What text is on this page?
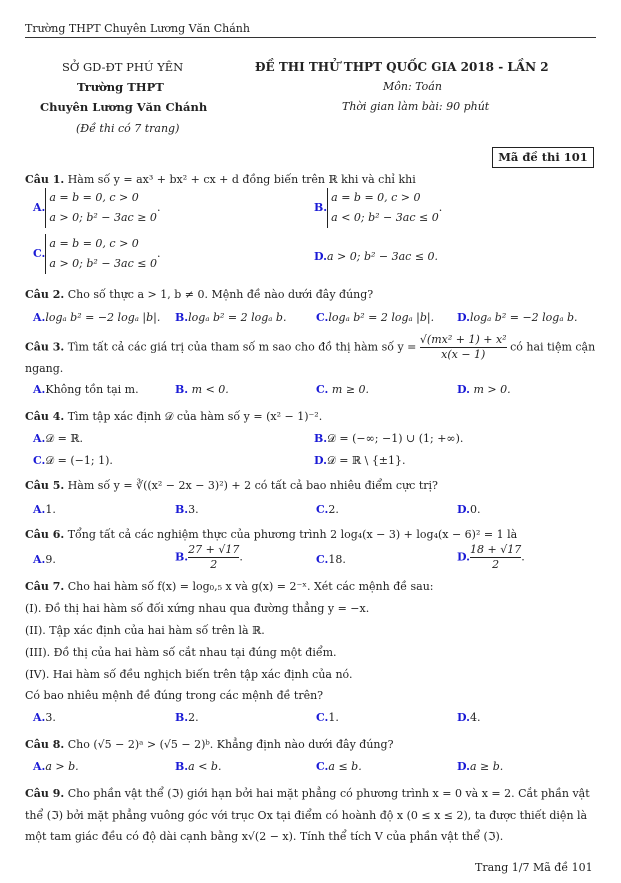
Trường THPT Chuyên Lương Văn Chánh
SỞ GD-ĐT PHÚ YÊN
Trường THPT
Chuyên Lương Văn Chánh
(Đề thi có 7 trang)
ĐỀ THI THỬ THPT QUỐC GIA 2018 - LẦN 2
Môn: Toán
Thời gian làm bài: 90 phút
Mã đề thi 101
Câu 1. Hàm số y = ax³ + bx² + cx + d đồng biến trên ℝ khi và chỉ khi
A.a = b = 0, c > 0
a > 0; b² − 3ac ≥ 0.	B.a = b = 0, c > 0
a < 0; b² − 3ac ≤ 0.
C.a = b = 0, c > 0
a > 0; b² − 3ac ≤ 0.	D.a > 0; b² − 3ac ≤ 0.
Câu 2. Cho số thực a > 1, b ≠ 0. Mệnh đề nào dưới đây đúng?
A.logₐ b² = −2 logₐ |b|. B.logₐ b² = 2 logₐ b.	C.logₐ b² = 2 logₐ |b|. D.logₐ b² = −2 logₐ b.
Câu 3. Tìm tất cả các giá trị của tham số m sao cho đồ thị hàm số $y = \frac{\text{√(mx² + 1) + x²}}{x(x - 1)}$ có hai tiệm cận
ngang.
A.Không tồn tại m.	B. m < 0.	C. m ≥ 0.	D. m > 0.
Câu 4. Tìm tập xác định 𝒟 của hàm số y = (x² − 1)⁻².
A.𝒟 = ℝ.	B.𝒟 = (−∞; −1) ∪ (1; +∞).
C.𝒟 = (−1; 1).	D.𝒟 = ℝ \ {±1}.
Câu 5. Hàm số y = ∛((x² − 2x − 3)²) + 2 có tất cả bao nhiêu điểm cực trị?
A.1.	B.3.	C.2.	D.0.
Câu 6. Tổng tất cả các nghiệm thực của phương trình 2 log₄(x − 3) + log₄(x − 6)² = 1 là
A.9.	B. $\frac{27 + √17}{2}$ .	C.18.	D. $\frac{18 + √17}{2}$ .
Câu 7. Cho hai hàm số f(x) = log₀,₅ x và g(x) = 2⁻ˣ. Xét các mệnh đề sau:
(I). Đồ thị hai hàm số đối xứng nhau qua đường thẳng y = −x.
(II). Tập xác định của hai hàm số trên là ℝ.
(III). Đồ thị của hai hàm số cắt nhau tại đúng một điểm.
(IV). Hai hàm số đều nghịch biến trên tập xác định của nó.
Có bao nhiêu mệnh đề đúng trong các mệnh đề trên?
A.3.	B.2.	C.1.	D.4.
Câu 8. Cho (√5 − 2)ᵃ > (√5 − 2)ᵇ. Khẳng định nào dưới đây đúng?
A.a > b.	B.a < b.	C.a ≤ b.	D.a ≥ b.
Câu 9. Cho phần vật thể (ℑ) giới hạn bởi hai mặt phẳng có phương trình x = 0 và x = 2. Cắt phần vật
thể (ℑ) bởi mặt phẳng vuông góc với trục Ox tại điểm có hoành độ x (0 ≤ x ≤ 2), ta được thiết diện là
một tam giác đều có độ dài cạnh bằng x√(2 − x). Tính thể tích V của phần vật thể (ℑ).
Trang 1/7 Mã đề 101
